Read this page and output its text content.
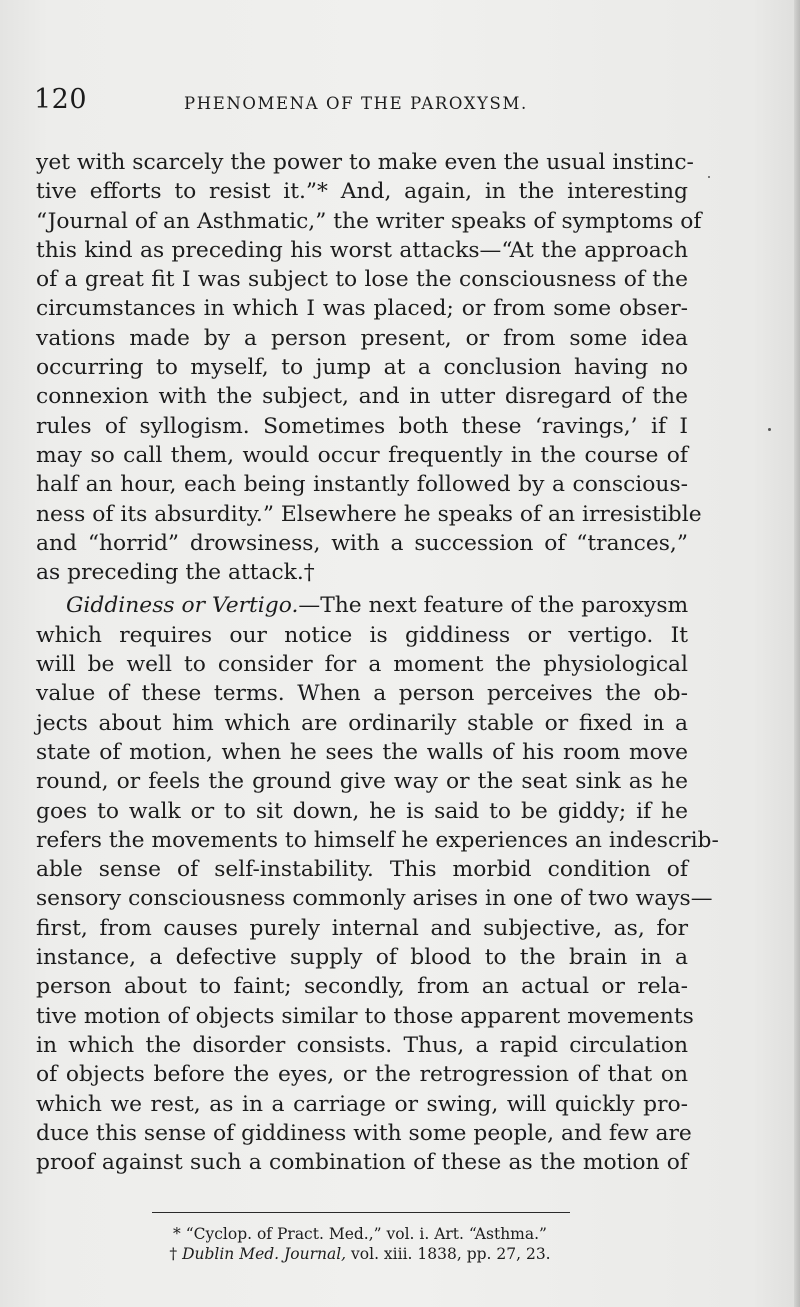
120	PHENOMENA OF THE PAROXYSM.
yet with scarcely the power to make even the usual instinc-
tive efforts to resist it.”* And, again, in the interesting
“Journal of an Asthmatic,” the writer speaks of symptoms of
this kind as preceding his worst attacks—“At the approach
of a great fit I was subject to lose the consciousness of the
circumstances in which I was placed; or from some obser-
vations made by a person present, or from some idea
occurring to myself, to jump at a conclusion having no
connexion with the subject, and in utter disregard of the
rules of syllogism. Sometimes both these ‘ravings,’ if I
may so call them, would occur frequently in the course of
half an hour, each being instantly followed by a conscious-
ness of its absurdity.” Elsewhere he speaks of an irresistible
and “horrid” drowsiness, with a succession of “trances,”
as preceding the attack.†
Giddiness or Vertigo.—The next feature of the paroxysm
which requires our notice is giddiness or vertigo. It
will be well to consider for a moment the physiological
value of these terms. When a person perceives the ob-
jects about him which are ordinarily stable or fixed in a
state of motion, when he sees the walls of his room move
round, or feels the ground give way or the seat sink as he
goes to walk or to sit down, he is said to be giddy; if he
refers the movements to himself he experiences an indescrib-
able sense of self-instability. This morbid condition of
sensory consciousness commonly arises in one of two ways—
first, from causes purely internal and subjective, as, for
instance, a defective supply of blood to the brain in a
person about to faint; secondly, from an actual or rela-
tive motion of objects similar to those apparent movements
in which the disorder consists. Thus, a rapid circulation
of objects before the eyes, or the retrogression of that on
which we rest, as in a carriage or swing, will quickly pro-
duce this sense of giddiness with some people, and few are
proof against such a combination of these as the motion of
* “Cyclop. of Pract. Med.,” vol. i. Art. “Asthma.”
† Dublin Med. Journal, vol. xiii. 1838, pp. 27, 23.
